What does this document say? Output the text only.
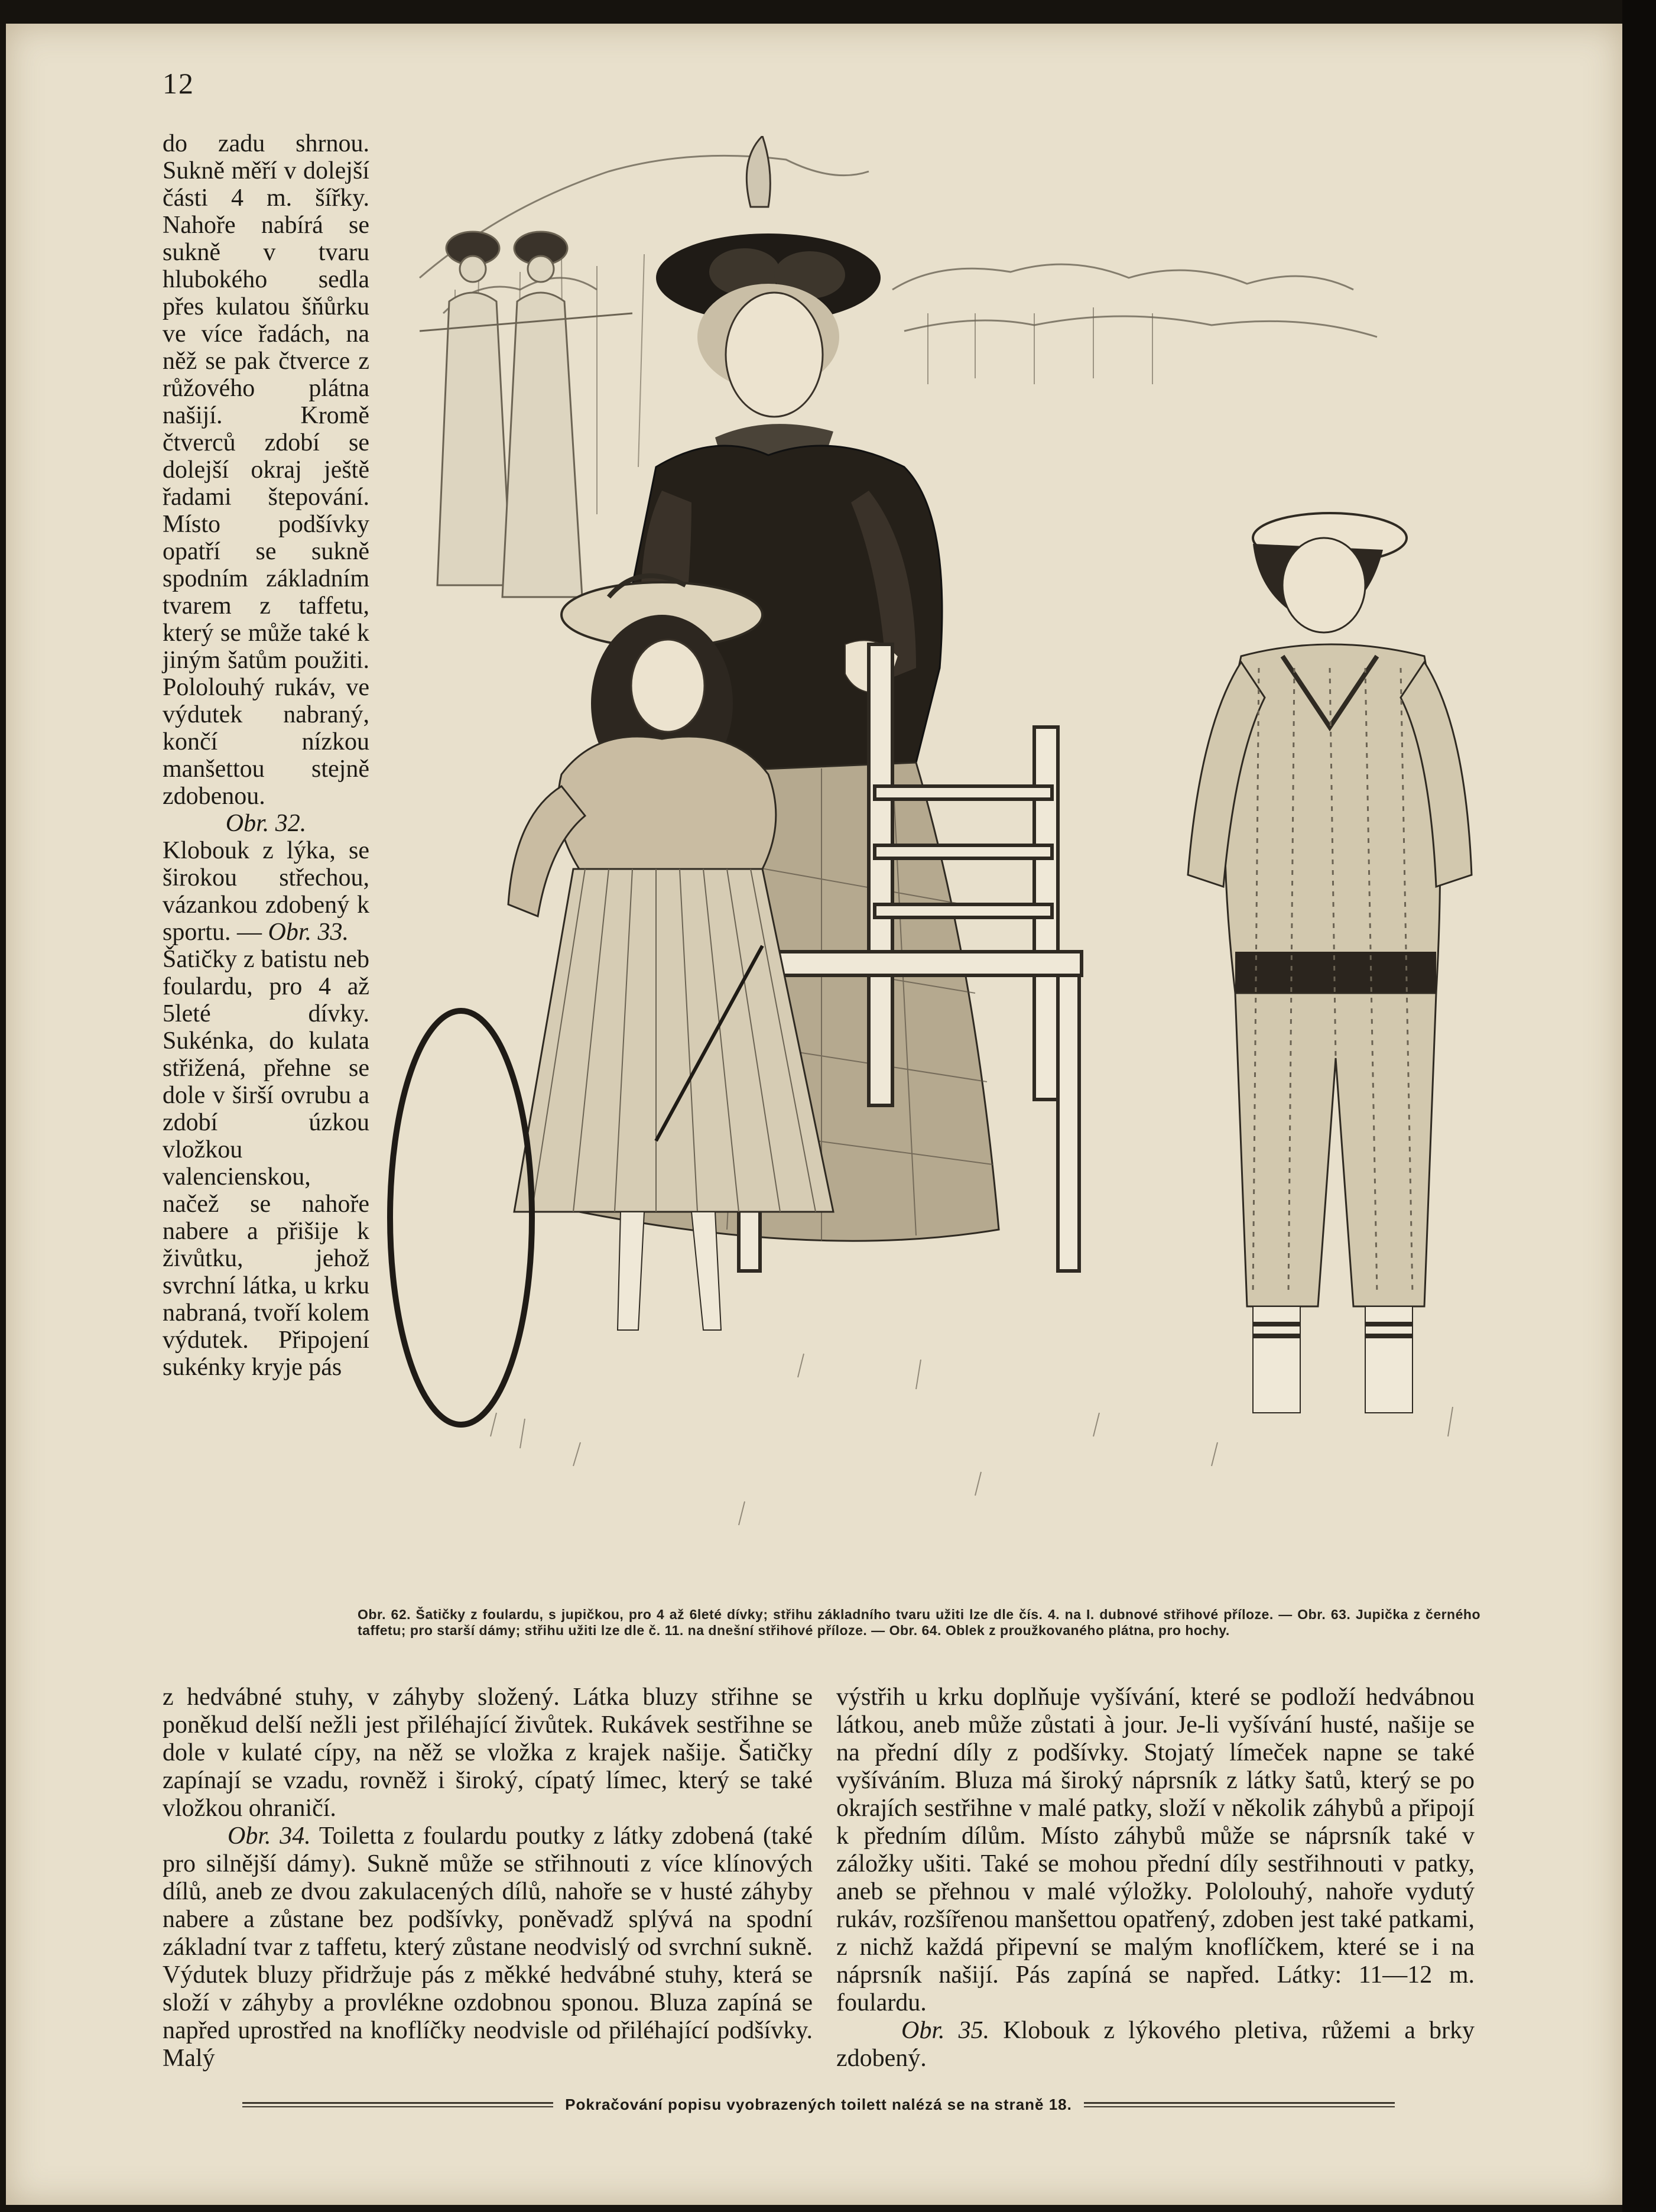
12

do zadu shrnou. Sukně měří v dolejší části 4 m. šířky. Nahoře nabírá se sukně v tvaru hlubokého sedla přes kulatou šňůrku ve více řadách, na něž se pak čtverce z růžového plátna našijí. Kromě čtverců zdobí se dolejší okraj ještě řadami štepování. Místo podšívky opatří se sukně spodním základním tvarem z taffetu, který se může také k jiným šatům použiti. Pololouhý rukáv, ve výdutek nabraný, končí nízkou manšettou stejně zdobenou.

Obr. 32.

Klobouk z lýka, se širokou střechou, vázankou zdobený k sportu. — Obr. 33.

Šatičky z batistu neb foulardu, pro 4 až 5leté dívky. Sukénka, do kulata střižená, přehne se dole v širší ovrubu a zdobí úzkou vložkou valencienskou, načež se nahoře nabere a přišije k živůtku, jehož svrchní látka, u krku nabraná, tvoří kolem výdutek. Připojení sukénky kryje pás

Obr. 62. Šatičky z foulardu, s jupičkou, pro 4 až 6leté dívky; střihu základního tvaru užiti lze dle čís. 4. na I. dubnové střihové příloze. — Obr. 63. Jupička z černého taffetu; pro starší dámy; střihu užiti lze dle č. 11. na dnešní střihové příloze. — Obr. 64. Oblek z proužkovaného plátna, pro hochy.

z hedvábné stuhy, v záhyby složený. Látka bluzy střihne se poněkud delší nežli jest přiléhající živůtek. Rukávek sestřihne se dole v kulaté cípy, na něž se vložka z krajek našije. Šatičky zapínají se vzadu, rovněž i široký, cípatý límec, který se také vložkou ohraničí.

Obr. 34. Toiletta z foulardu poutky z látky zdobená (také pro silnější dámy). Sukně může se střihnouti z více klínových dílů, aneb ze dvou zakulacených dílů, nahoře se v husté záhyby nabere a zůstane bez podšívky, poněvadž splývá na spodní základní tvar z taffetu, který zůstane neodvislý od svrchní sukně. Výdutek bluzy přidržuje pás z měkké hedvábné stuhy, která se složí v záhyby a provlékne ozdobnou sponou. Bluza zapíná se napřed uprostřed na knoflíčky neodvisle od přiléhající podšívky. Malý

výstřih u krku doplňuje vyšívání, které se podloží hedvábnou látkou, aneb může zůstati à jour. Je-li vyšívání husté, našije se na přední díly z podšívky. Stojatý límeček napne se také vyšíváním. Bluza má široký náprsník z látky šatů, který se po okrajích sestřihne v malé patky, složí v několik záhybů a připojí k předním dílům. Místo záhybů může se náprsník také v záložky ušiti. Také se mohou přední díly sestřihnouti v patky, aneb se přehnou v malé výložky. Pololouhý, nahoře vydutý rukáv, rozšířenou manšettou opatřený, zdoben jest také patkami, z nichž každá připevní se malým knoflíčkem, které se i na náprsník našijí. Pás zapíná se napřed. Látky: 11—12 m. foulardu.

Obr. 35. Klobouk z lýkového pletiva, růžemi a brky zdobený.

Pokračování popisu vyobrazených toilett nalézá se na straně 18.
